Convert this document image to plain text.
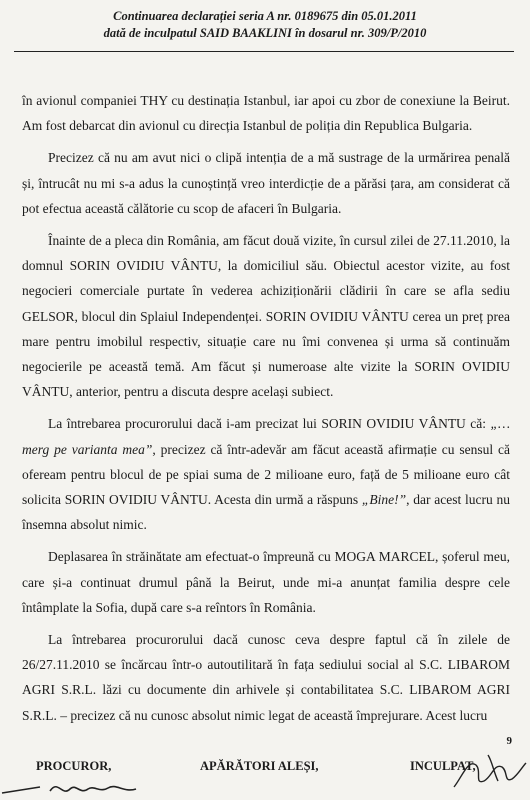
Continuarea declarației seria A nr. 0189675 din 05.01.2011
dată de inculpatul SAID BAAKLINI în dosarul nr. 309/P/2010

în avionul companiei THY cu destinația Istanbul, iar apoi cu zbor de conexiune la Beirut. Am fost debarcat din avionul cu direcția Istanbul de poliția din Republica Bulgaria.

Precizez că nu am avut nici o clipă intenția de a mă sustrage de la urmărirea penală și, întrucât nu mi s-a adus la cunoștință vreo interdicție de a părăsi țara, am considerat că pot efectua această călătorie cu scop de afaceri în Bulgaria.

Înainte de a pleca din România, am făcut două vizite, în cursul zilei de 27.11.2010, la domnul SORIN OVIDIU VÂNTU, la domiciliul său. Obiectul acestor vizite, au fost negocieri comerciale purtate în vederea achiziționării clădirii în care se afla sediu GELSOR, blocul din Splaiul Independenței. SORIN OVIDIU VÂNTU cerea un preț prea mare pentru imobilul respectiv, situație care nu îmi convenea și urma să continuăm negocierile pe această temă. Am făcut și numeroase alte vizite la SORIN OVIDIU VÂNTU, anterior, pentru a discuta despre același subiect.

La întrebarea procurorului dacă i-am precizat lui SORIN OVIDIU VÂNTU că: „… merg pe varianta mea”, precizez că într-adevăr am făcut această afirmație cu sensul că ofeream pentru blocul de pe spiai suma de 2 milioane euro, față de 5 milioane euro cât solicita SORIN OVIDIU VÂNTU. Acesta din urmă a răspuns „Bine!”, dar acest lucru nu însemna absolut nimic.

Deplasarea în străinătate am efectuat-o împreună cu MOGA MARCEL, șoferul meu, care și-a continuat drumul până la Beirut, unde mi-a anunțat familia despre cele întâmplate la Sofia, după care s-a reîntors în România.

La întrebarea procurorului dacă cunosc ceva despre faptul că în zilele de 26/27.11.2010 se încărcau într-o autoutilitară în fața sediului social al S.C. LIBAROM AGRI S.R.L. lăzi cu documente din arhivele și contabilitatea S.C. LIBAROM AGRI S.R.L. – precizez că nu cunosc absolut nimic legat de această împrejurare. Acest lucru

9
PROCUROR,	APĂRĂTORI ALEȘI,	INCULPAT,
